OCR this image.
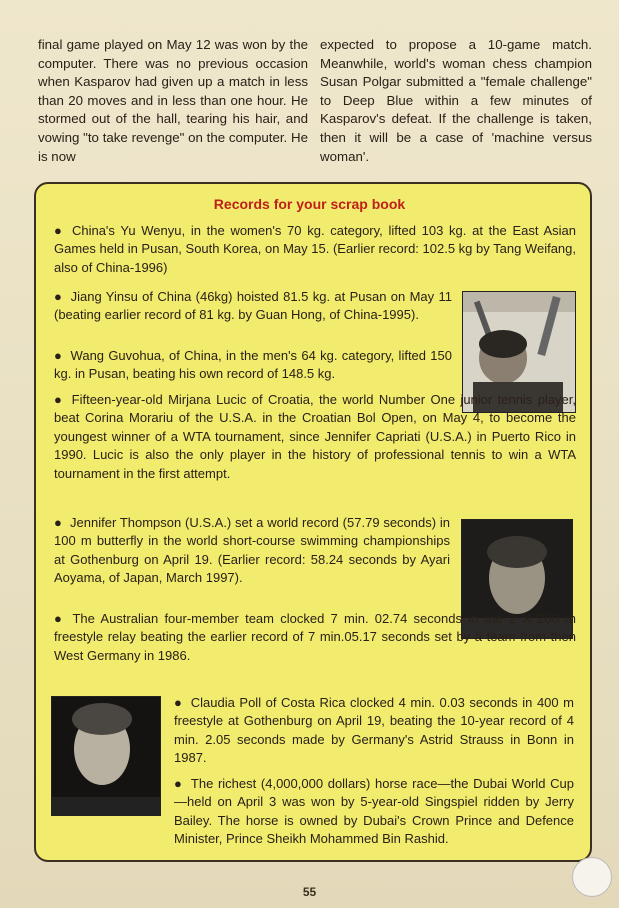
final game played on May 12 was won by the computer. There was no previous occasion when Kasparov had given up a match in less than 20 moves and in less than one hour. He stormed out of the hall, tearing his hair, and vowing "to take revenge" on the computer. He is now
expected to propose a 10-game match. Meanwhile, world's woman chess champion Susan Polgar submitted a "female challenge" to Deep Blue within a few minutes of Kasparov's defeat. If the challenge is taken, then it will be a case of 'machine versus woman'.
Records for your scrap book
● China's Yu Wenyu, in the women's 70 kg. category, lifted 103 kg. at the East Asian Games held in Pusan, South Korea, on May 15. (Earlier record: 102.5 kg by Tang Weifang, also of China-1996)
● Jiang Yinsu of China (46kg) hoisted 81.5 kg. at Pusan on May 11 (beating earlier record of 81 kg. by Guan Hong, of China-1995).
● Wang Guvohua, of China, in the men's 64 kg. category, lifted 150 kg. in Pusan, beating his own record of 148.5 kg.
● Fifteen-year-old Mirjana Lucic of Croatia, the world Number One junior tennis player, beat Corina Morariu of the U.S.A. in the Croatian Bol Open, on May 4, to become the youngest winner of a WTA tournament, since Jennifer Capriati (U.S.A.) in Puerto Rico in 1990. Lucic is also the only player in the history of professional tennis to win a WTA tournament in the first attempt.
● Jennifer Thompson (U.S.A.) set a world record (57.79 seconds) in 100 m butterfly in the world short-course swimming championships at Gothenburg on April 19. (Earlier record: 58.24 seconds by Ayari Aoyama, of Japan, March 1997).
● The Australian four-member team clocked 7 min. 02.74 seconds in the 2 X 200 m freestyle relay beating the earlier record of 7 min.05.17 seconds set by a team from then West Germany in 1986.
● Claudia Poll of Costa Rica clocked 4 min. 0.03 seconds in 400 m freestyle at Gothenburg on April 19, beating the 10-year record of 4 min. 2.05 seconds made by Germany's Astrid Strauss in Bonn in 1987.
● The richest (4,000,000 dollars) horse race—the Dubai World Cup—held on April 3 was won by 5-year-old Singspiel ridden by Jerry Bailey. The horse is owned by Dubai's Crown Prince and Defence Minister, Prince Sheikh Mohammed Bin Rashid.
55
